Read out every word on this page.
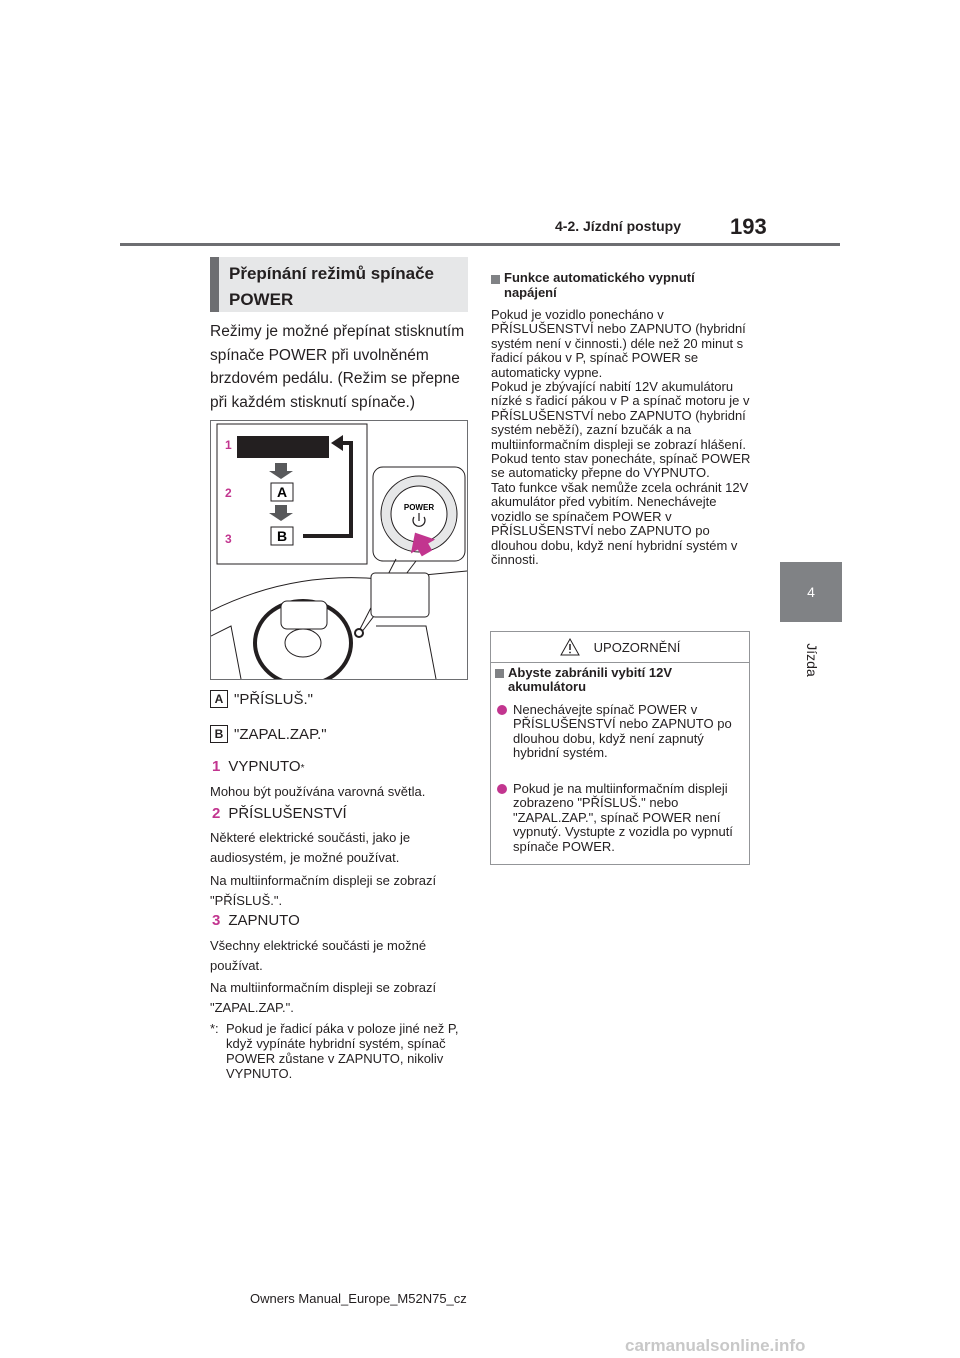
4-2. Jízdní postupy 193
4
Jízda
Přepínání režimů spínače POWER
Režimy je možné přepínat stisknutím spínače POWER při uvolněném brzdovém pedálu. (Režim se přepne při každém stisknutí spínače.)
A
B
1
2
3
POWER
A "PŘÍSLUŠ."
B "ZAPAL.ZAP."
1 VYPNUTO *
Mohou být používána varovná světla.
2 PŘÍSLUŠENSTVÍ
Některé elektrické součásti, jako je audiosystém, je možné používat.
Na multiinformačním displeji se zobrazí "PŘÍSLUŠ.".
3 ZAPNUTO
Všechny elektrické součásti je možné používat.
Na multiinformačním displeji se zobrazí "ZAPAL.ZAP.".
*: Pokud je řadicí páka v poloze jiné než P, když vypínáte hybridní systém, spínač POWER zůstane v ZAPNUTO, nikoliv VYPNUTO.
Funkce automatického vypnutí napájení
Pokud je vozidlo ponecháno v PŘÍSLUŠENSTVÍ nebo ZAPNUTO (hybridní systém není v činnosti.) déle než 20 minut s řadicí pákou v P, spínač POWER se automaticky vypne.
Pokud je zbývající nabití 12V akumulátoru nízké s řadicí pákou v P a spínač motoru je v PŘÍSLUŠENSTVÍ nebo ZAPNUTO (hybridní systém neběží), zazní bzučák a na multiinformačním displeji se zobrazí hlášení. Pokud tento stav ponecháte, spínač POWER se automaticky přepne do VYPNUTO.
Tato funkce však nemůže zcela ochránit 12V akumulátor před vybitím. Nenechávejte vozidlo se spínačem POWER v PŘÍSLUŠENSTVÍ nebo ZAPNUTO po dlouhou dobu, když není hybridní systém v činnosti.
UPOZORNĚNÍ
Abyste zabránili vybití 12V akumulátoru
Nenechávejte spínač POWER v PŘÍSLUŠENSTVÍ nebo ZAPNUTO po dlouhou dobu, když není zapnutý hybridní systém.
Pokud je na multiinformačním displeji zobrazeno "PŘÍSLUŠ." nebo "ZAPAL.ZAP.", spínač POWER není vypnutý. Vystupte z vozidla po vypnutí spínače POWER.
Owners Manual_Europe_M52N75_cz
carmanualsonline.info
